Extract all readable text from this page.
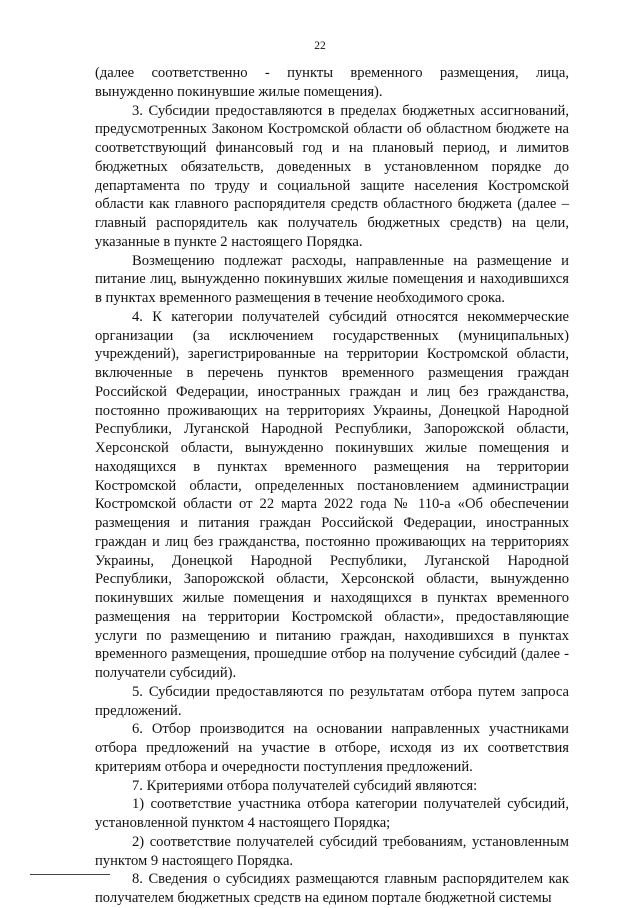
22

(далее соответственно - пункты временного размещения, лица, вынужденно покинувшие жилые помещения).

3. Субсидии предоставляются в пределах бюджетных ассигнований, предусмотренных Законом Костромской области об областном бюджете на соответствующий финансовый год и на плановый период, и лимитов бюджетных обязательств, доведенных в установленном порядке до департамента по труду и социальной защите населения Костромской области как главного распорядителя средств областного бюджета (далее – главный распорядитель как получатель бюджетных средств) на цели, указанные в пункте 2 настоящего Порядка.

Возмещению подлежат расходы, направленные на размещение и питание лиц, вынужденно покинувших жилые помещения и находившихся в пунктах временного размещения в течение необходимого срока.

4. К категории получателей субсидий относятся некоммерческие организации (за исключением государственных (муниципальных) учреждений), зарегистрированные на территории Костромской области, включенные в перечень пунктов временного размещения граждан Российской Федерации, иностранных граждан и лиц без гражданства, постоянно проживающих на территориях Украины, Донецкой Народной Республики, Луганской Народной Республики, Запорожской области, Херсонской области, вынужденно покинувших жилые помещения и находящихся в пунктах временного размещения на территории Костромской области, определенных постановлением администрации Костромской области от 22 марта 2022 года № 110-а «Об обеспечении размещения и питания граждан Российской Федерации, иностранных граждан и лиц без гражданства, постоянно проживающих на территориях Украины, Донецкой Народной Республики, Луганской Народной Республики, Запорожской области, Херсонской области, вынужденно покинувших жилые помещения и находящихся в пунктах временного размещения на территории Костромской области», предоставляющие услуги по размещению и питанию граждан, находившихся в пунктах временного размещения, прошедшие отбор на получение субсидий (далее - получатели субсидий).

5. Субсидии предоставляются по результатам отбора путем запроса предложений.

6. Отбор производится на основании направленных участниками отбора предложений на участие в отборе, исходя из их соответствия критериям отбора и очередности поступления предложений.

7. Критериями отбора получателей субсидий являются:

1) соответствие участника отбора категории получателей субсидий, установленной пунктом 4 настоящего Порядка;

2) соответствие получателей субсидий требованиям, установленным пунктом 9 настоящего Порядка.

8. Сведения о субсидиях размещаются главным распорядителем как получателем бюджетных средств на едином портале бюджетной системы
